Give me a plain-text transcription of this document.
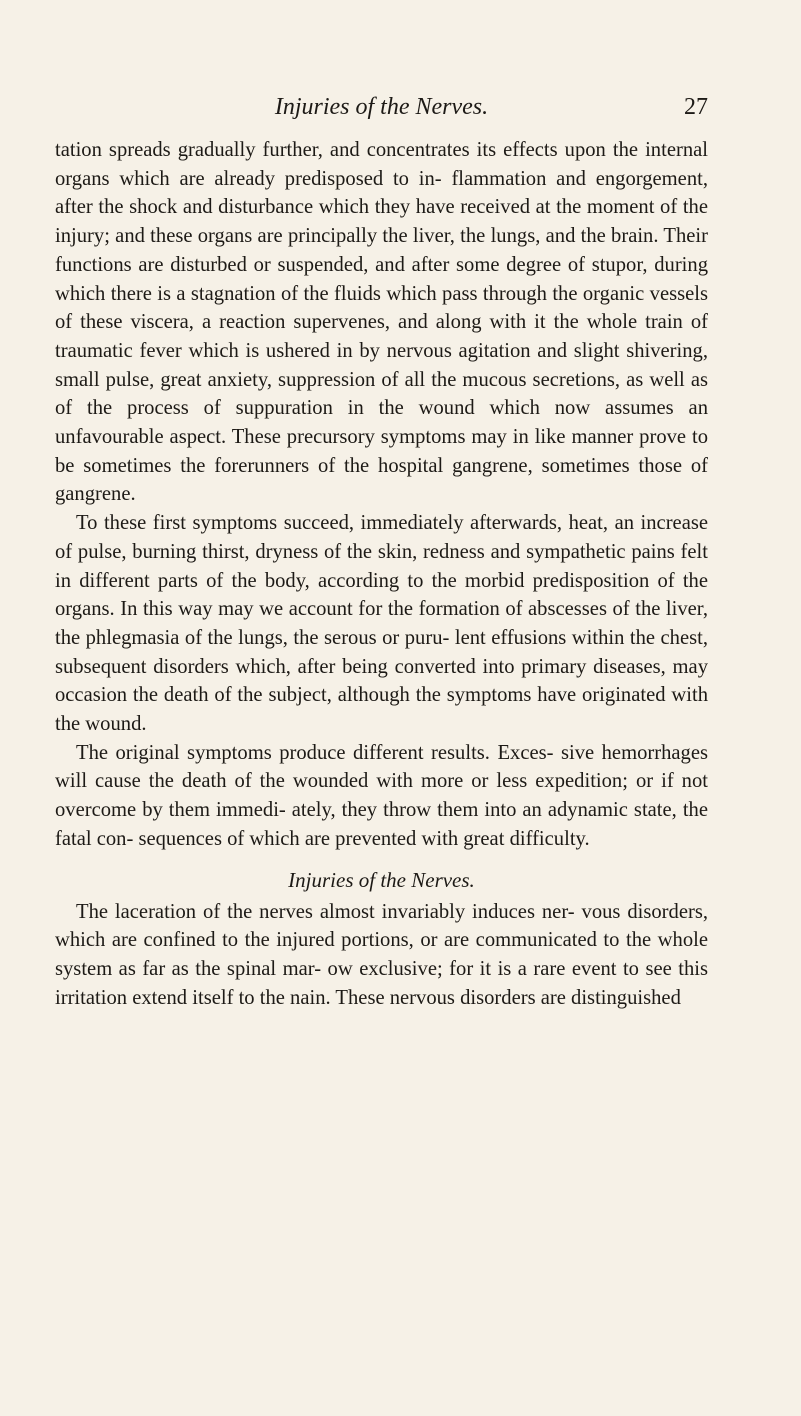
Injuries of the Nerves.	27

tation spreads gradually further, and concentrates its effects upon the internal organs which are already predisposed to in- flammation and engorgement, after the shock and disturbance which they have received at the moment of the injury; and these organs are principally the liver, the lungs, and the brain. Their functions are disturbed or suspended, and after some degree of stupor, during which there is a stagnation of the fluids which pass through the organic vessels of these viscera, a reaction supervenes, and along with it the whole train of traumatic fever which is ushered in by nervous agitation and slight shivering, small pulse, great anxiety, suppression of all the mucous secretions, as well as of the process of suppuration in the wound which now assumes an unfavourable aspect. These precursory symptoms may in like manner prove to be sometimes the forerunners of the hospital gangrene, sometimes those of gangrene.

To these first symptoms succeed, immediately afterwards, heat, an increase of pulse, burning thirst, dryness of the skin, redness and sympathetic pains felt in different parts of the body, according to the morbid predisposition of the organs. In this way may we account for the formation of abscesses of the liver, the phlegmasia of the lungs, the serous or puru- lent effusions within the chest, subsequent disorders which, after being converted into primary diseases, may occasion the death of the subject, although the symptoms have originated with the wound.

The original symptoms produce different results. Exces- sive hemorrhages will cause the death of the wounded with more or less expedition; or if not overcome by them immedi- ately, they throw them into an adynamic state, the fatal con- sequences of which are prevented with great difficulty.

Injuries of the Nerves.

The laceration of the nerves almost invariably induces ner- vous disorders, which are confined to the injured portions, or are communicated to the whole system as far as the spinal mar- ow exclusive; for it is a rare event to see this irritation extend itself to the nain. These nervous disorders are distinguished
